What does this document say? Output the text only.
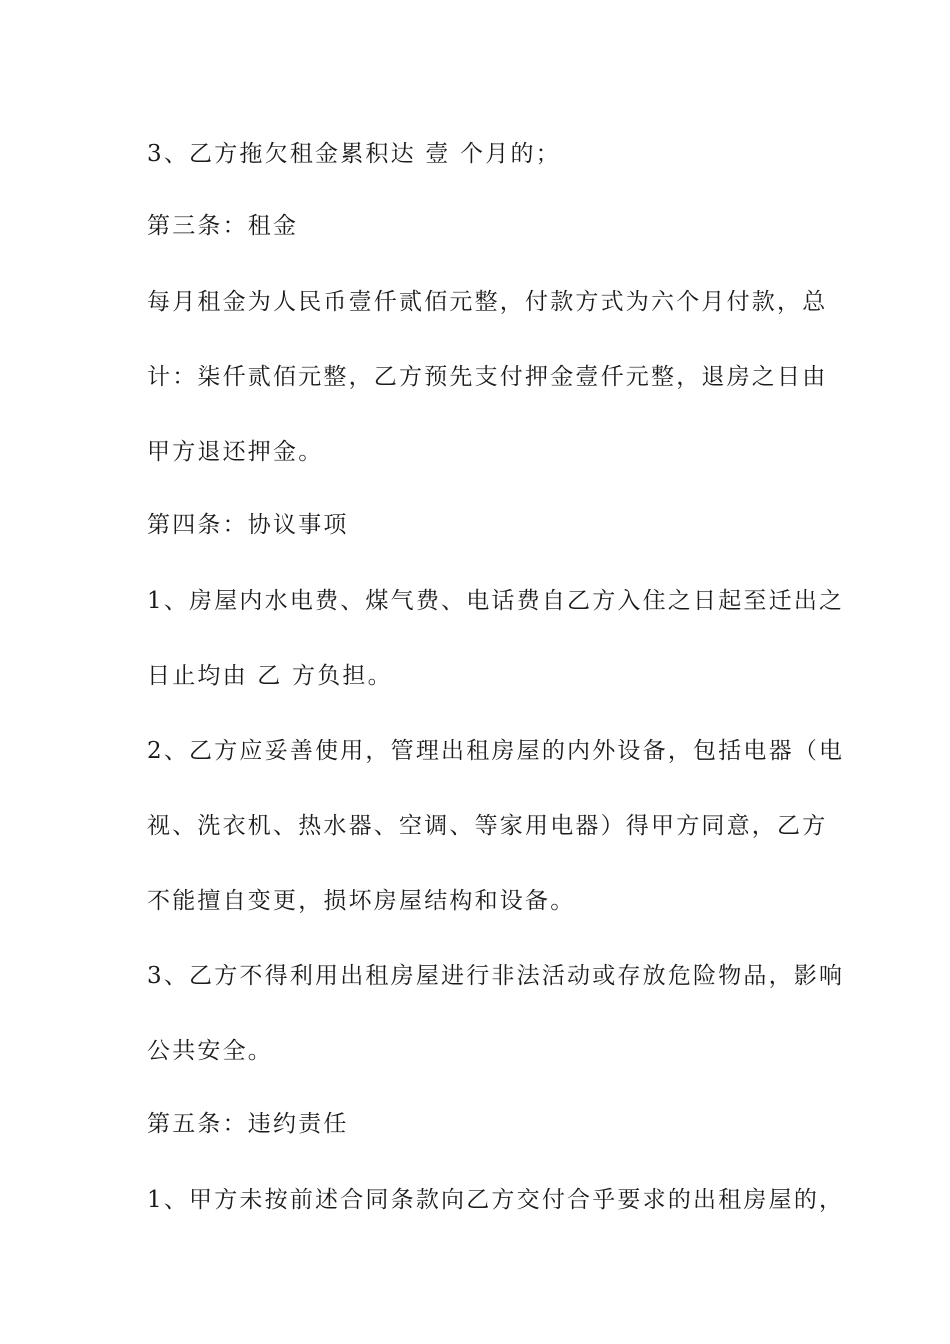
3、乙方拖欠租金累积达 壹 个月的；
第三条：租金
每月租金为人民币壹仟贰佰元整，付款方式为六个月付款，总
计：柒仟贰佰元整，乙方预先支付押金壹仟元整，退房之日由
甲方退还押金。
第四条：协议事项
1、房屋内水电费、煤气费、电话费自乙方入住之日起至迁出之
日止均由 乙 方负担。
2、乙方应妥善使用，管理出租房屋的内外设备，包括电器（电
视、洗衣机、热水器、空调、等家用电器）得甲方同意，乙方
不能擅自变更，损坏房屋结构和设备。
3、乙方不得利用出租房屋进行非法活动或存放危险物品，影响
公共安全。
第五条：违约责任
1、甲方未按前述合同条款向乙方交付合乎要求的出租房屋的，
